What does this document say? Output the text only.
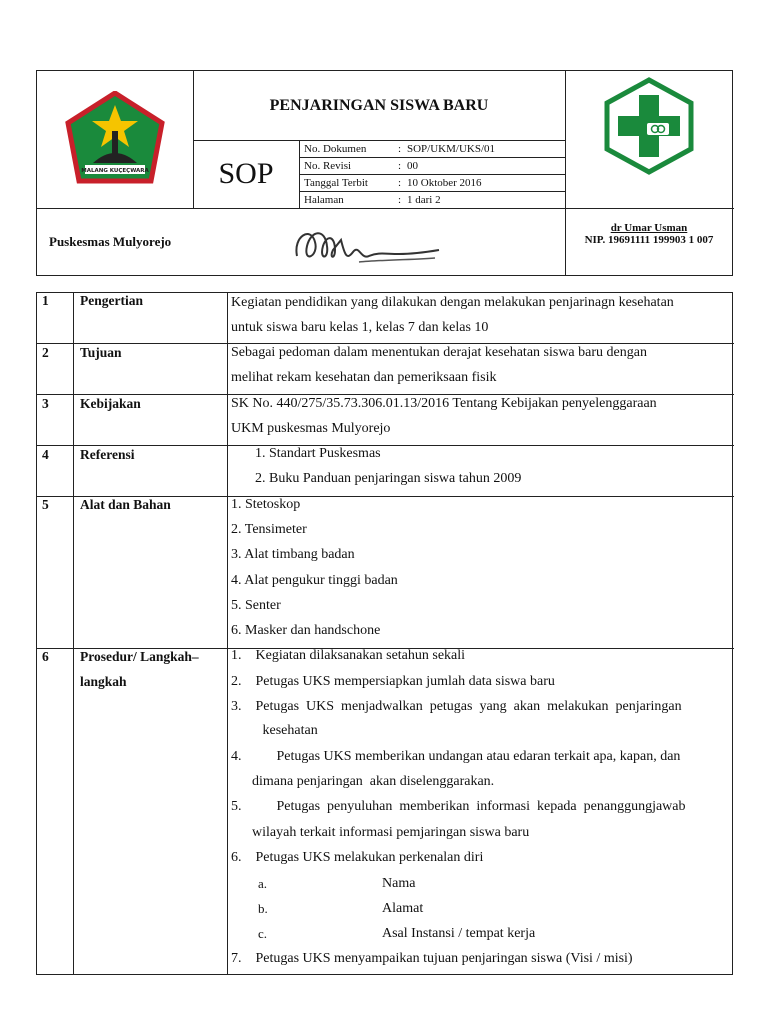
MALANG KUÇEÇWARA
PENJARINGAN SISWA BARU
SOP
No. Dokumen	: SOP/UKM/UKS/01
No. Revisi	: 00
Tanggal Terbit	: 10 Oktober 2016
Halaman	: 1 dari 2
Puskesmas Mulyorejo
dr Umar Usman
NIP. 19691111 199903 1 007
1 Pengertian	Kegiatan pendidikan yang dilakukan dengan melakukan penjarinagn kesehatan
untuk siswa baru kelas 1, kelas 7 dan kelas 10
2 Tujuan	Sebagai pedoman dalam menentukan derajat kesehatan siswa baru dengan
melihat rekam kesehatan dan pemeriksaan fisik
3 Kebijakan	SK No. 440/275/35.73.306.01.13/2016 Tentang Kebijakan penyelenggaraan
UKM puskesmas Mulyorejo
4 Referensi	1. Standart Puskesmas
2. Buku Panduan penjaringan siswa tahun 2009
5 Alat dan Bahan	1. Stetoskop
2. Tensimeter
3. Alat timbang badan
4. Alat pengukur tinggi badan
5. Senter
6. Masker dan handschone
6 Prosedur/ Langkah–
langkah
1.    Kegiatan dilaksanakan setahun sekali
2.    Petugas UKS mempersiapkan jumlah data siswa baru
3.    Petugas  UKS  menjadwalkan  petugas  yang  akan  melakukan  penjaringan
kesehatan
4.          Petugas UKS memberikan undangan atau edaran terkait apa, kapan, dan
dimana penjaringan  akan diselenggarakan.
5.          Petugas  penyuluhan  memberikan  informasi  kepada  penanggungjawab
wilayah terkait informasi pemjaringan siswa baru
6.    Petugas UKS melakukan perkenalan diri
a.	Nama
b.	Alamat
c.	Asal Instansi / tempat kerja
7.    Petugas UKS menyampaikan tujuan penjaringan siswa (Visi / misi)
